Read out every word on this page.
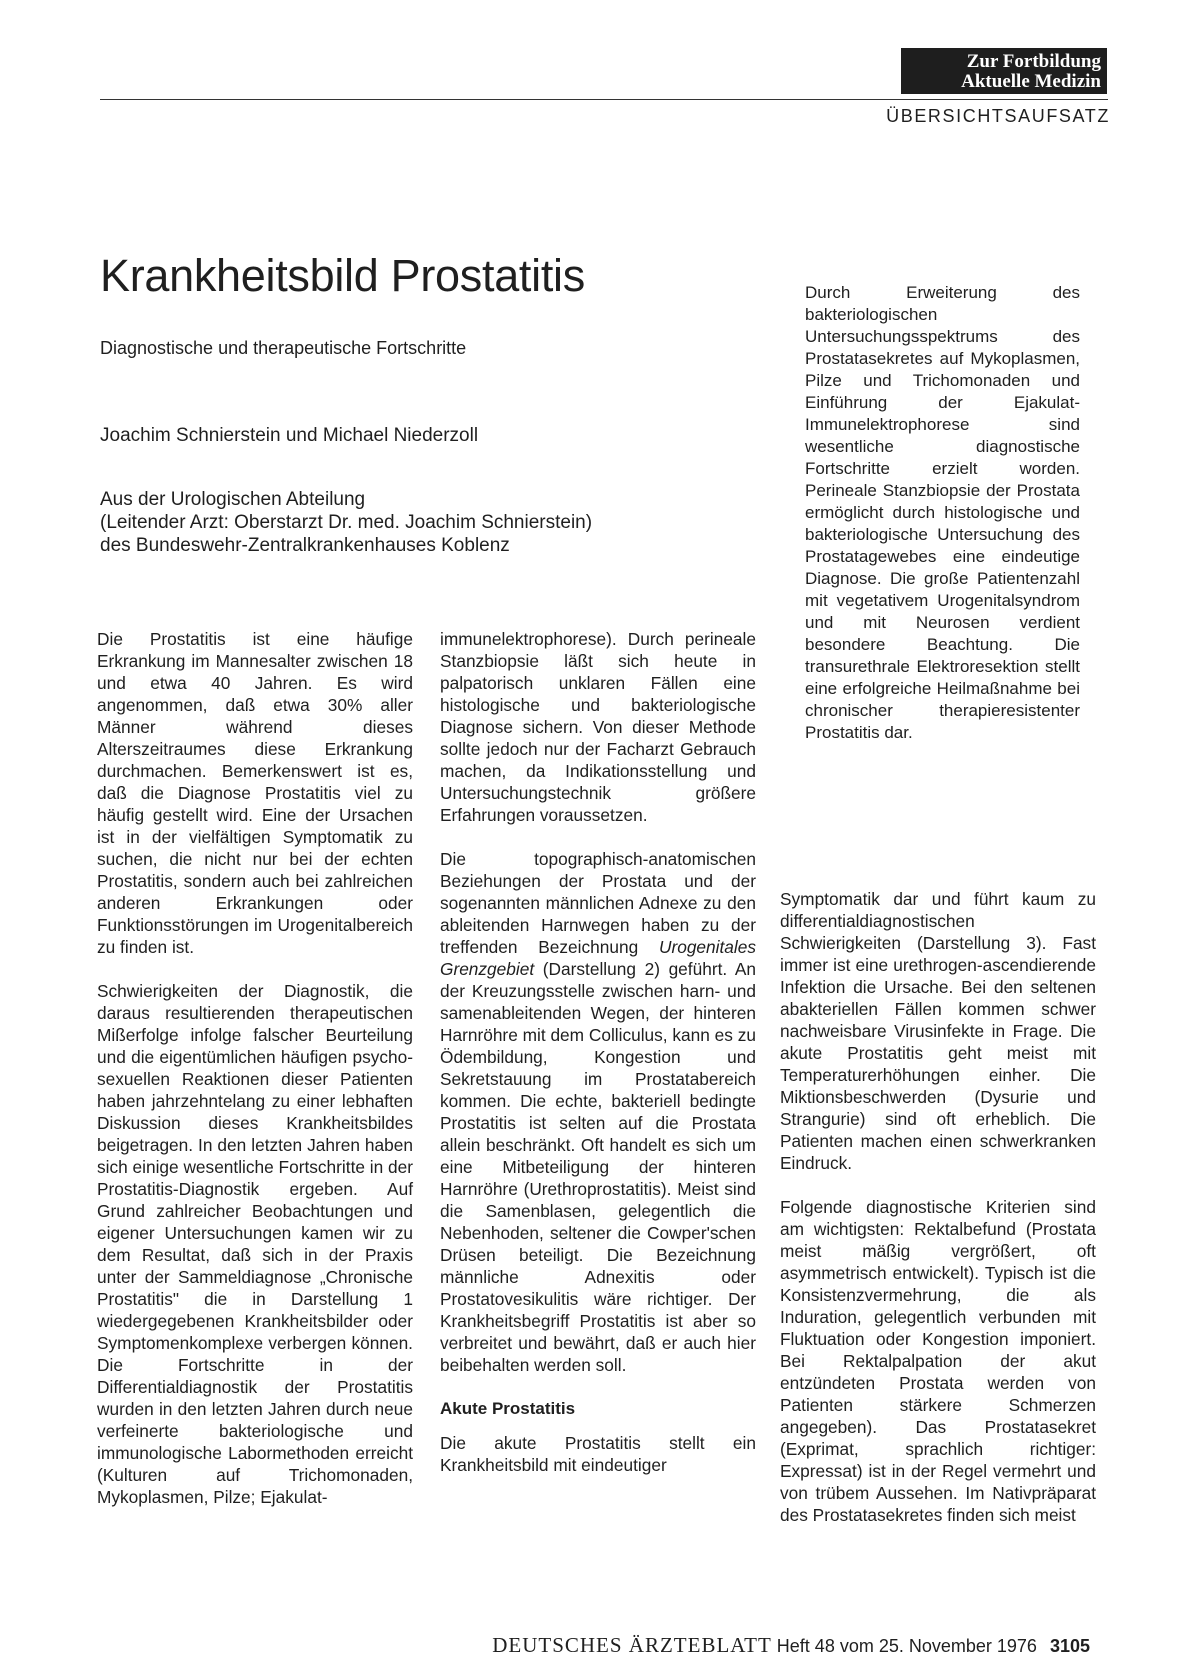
Zur Fortbildung
Aktuelle Medizin
ÜBERSICHTSAUFSATZ
Krankheitsbild Prostatitis
Diagnostische und therapeutische Fortschritte
Joachim Schnierstein und Michael Niederzoll
Aus der Urologischen Abteilung
(Leitender Arzt: Oberstarzt Dr. med. Joachim Schnierstein)
des Bundeswehr-Zentralkrankenhauses Koblenz

Durch Erweiterung des bakteriologischen Untersuchungsspektrums des Prostatasekretes auf Mykoplasmen, Pilze und Trichomonaden und Einführung der Ejakulat-Immunelektrophorese sind wesentliche diagnostische Fortschritte erzielt worden. Perineale Stanzbiopsie der Prostata ermöglicht durch histologische und bakteriologische Untersuchung des Prostatagewebes eine eindeutige Diagnose. Die große Patientenzahl mit vegetativem Urogenitalsyndrom und mit Neurosen verdient besondere Beachtung. Die transurethrale Elektroresektion stellt eine erfolgreiche Heilmaßnahme bei chronischer therapieresistenter Prostatitis dar.

Die Prostatitis ist eine häufige Erkrankung im Mannesalter zwischen 18 und etwa 40 Jahren. Es wird angenommen, daß etwa 30% aller Männer während dieses Alterszeitraumes diese Erkrankung durchmachen. Bemerkenswert ist es, daß die Diagnose Prostatitis viel zu häufig gestellt wird. Eine der Ursachen ist in der vielfältigen Symptomatik zu suchen, die nicht nur bei der echten Prostatitis, sondern auch bei zahlreichen anderen Erkrankungen oder Funktionsstörungen im Urogenitalbereich zu finden ist.

Schwierigkeiten der Diagnostik, die daraus resultierenden therapeutischen Mißerfolge infolge falscher Beurteilung und die eigentümlichen häufigen psycho-sexuellen Reaktionen dieser Patienten haben jahrzehntelang zu einer lebhaften Diskussion dieses Krankheitsbildes beigetragen. In den letzten Jahren haben sich einige wesentliche Fortschritte in der Prostatitis-Diagnostik ergeben. Auf Grund zahlreicher Beobachtungen und eigener Untersuchungen kamen wir zu dem Resultat, daß sich in der Praxis unter der Sammeldiagnose „Chronische Prostatitis" die in Darstellung 1 wiedergegebenen Krankheitsbilder oder Symptomenkomplexe verbergen können. Die Fortschritte in der Differentialdiagnostik der Prostatitis wurden in den letzten Jahren durch neue verfeinerte bakteriologische und immunologische Labormethoden erreicht (Kulturen auf Trichomonaden, Mykoplasmen, Pilze; Ejakulat-

immunelektrophorese). Durch perineale Stanzbiopsie läßt sich heute in palpatorisch unklaren Fällen eine histologische und bakteriologische Diagnose sichern. Von dieser Methode sollte jedoch nur der Facharzt Gebrauch machen, da Indikationsstellung und Untersuchungstechnik größere Erfahrungen voraussetzen.

Die topographisch-anatomischen Beziehungen der Prostata und der sogenannten männlichen Adnexe zu den ableitenden Harnwegen haben zu der treffenden Bezeichnung Urogenitales Grenzgebiet (Darstellung 2) geführt. An der Kreuzungsstelle zwischen harn- und samenableitenden Wegen, der hinteren Harnröhre mit dem Colliculus, kann es zu Ödembildung, Kongestion und Sekretstauung im Prostatabereich kommen. Die echte, bakteriell bedingte Prostatitis ist selten auf die Prostata allein beschränkt. Oft handelt es sich um eine Mitbeteiligung der hinteren Harnröhre (Urethroprostatitis). Meist sind die Samenblasen, gelegentlich die Nebenhoden, seltener die Cowper'schen Drüsen beteiligt. Die Bezeichnung männliche Adnexitis oder Prostatovesikulitis wäre richtiger. Der Krankheitsbegriff Prostatitis ist aber so verbreitet und bewährt, daß er auch hier beibehalten werden soll.

Akute Prostatitis

Die akute Prostatitis stellt ein Krankheitsbild mit eindeutiger

Symptomatik dar und führt kaum zu differentialdiagnostischen Schwierigkeiten (Darstellung 3). Fast immer ist eine urethrogen-ascendierende Infektion die Ursache. Bei den seltenen abakteriellen Fällen kommen schwer nachweisbare Virusinfekte in Frage. Die akute Prostatitis geht meist mit Temperaturerhöhungen einher. Die Miktionsbeschwerden (Dysurie und Strangurie) sind oft erheblich. Die Patienten machen einen schwerkranken Eindruck.

Folgende diagnostische Kriterien sind am wichtigsten: Rektalbefund (Prostata meist mäßig vergrößert, oft asymmetrisch entwickelt). Typisch ist die Konsistenzvermehrung, die als Induration, gelegentlich verbunden mit Fluktuation oder Kongestion imponiert. Bei Rektalpalpation der akut entzündeten Prostata werden von Patienten stärkere Schmerzen angegeben). Das Prostatasekret (Exprimat, sprachlich richtiger: Expressat) ist in der Regel vermehrt und von trübem Aussehen. Im Nativpräparat des Prostatasekretes finden sich meist

DEUTSCHES ÄRZTEBLATT Heft 48 vom 25. November 1976 3105
